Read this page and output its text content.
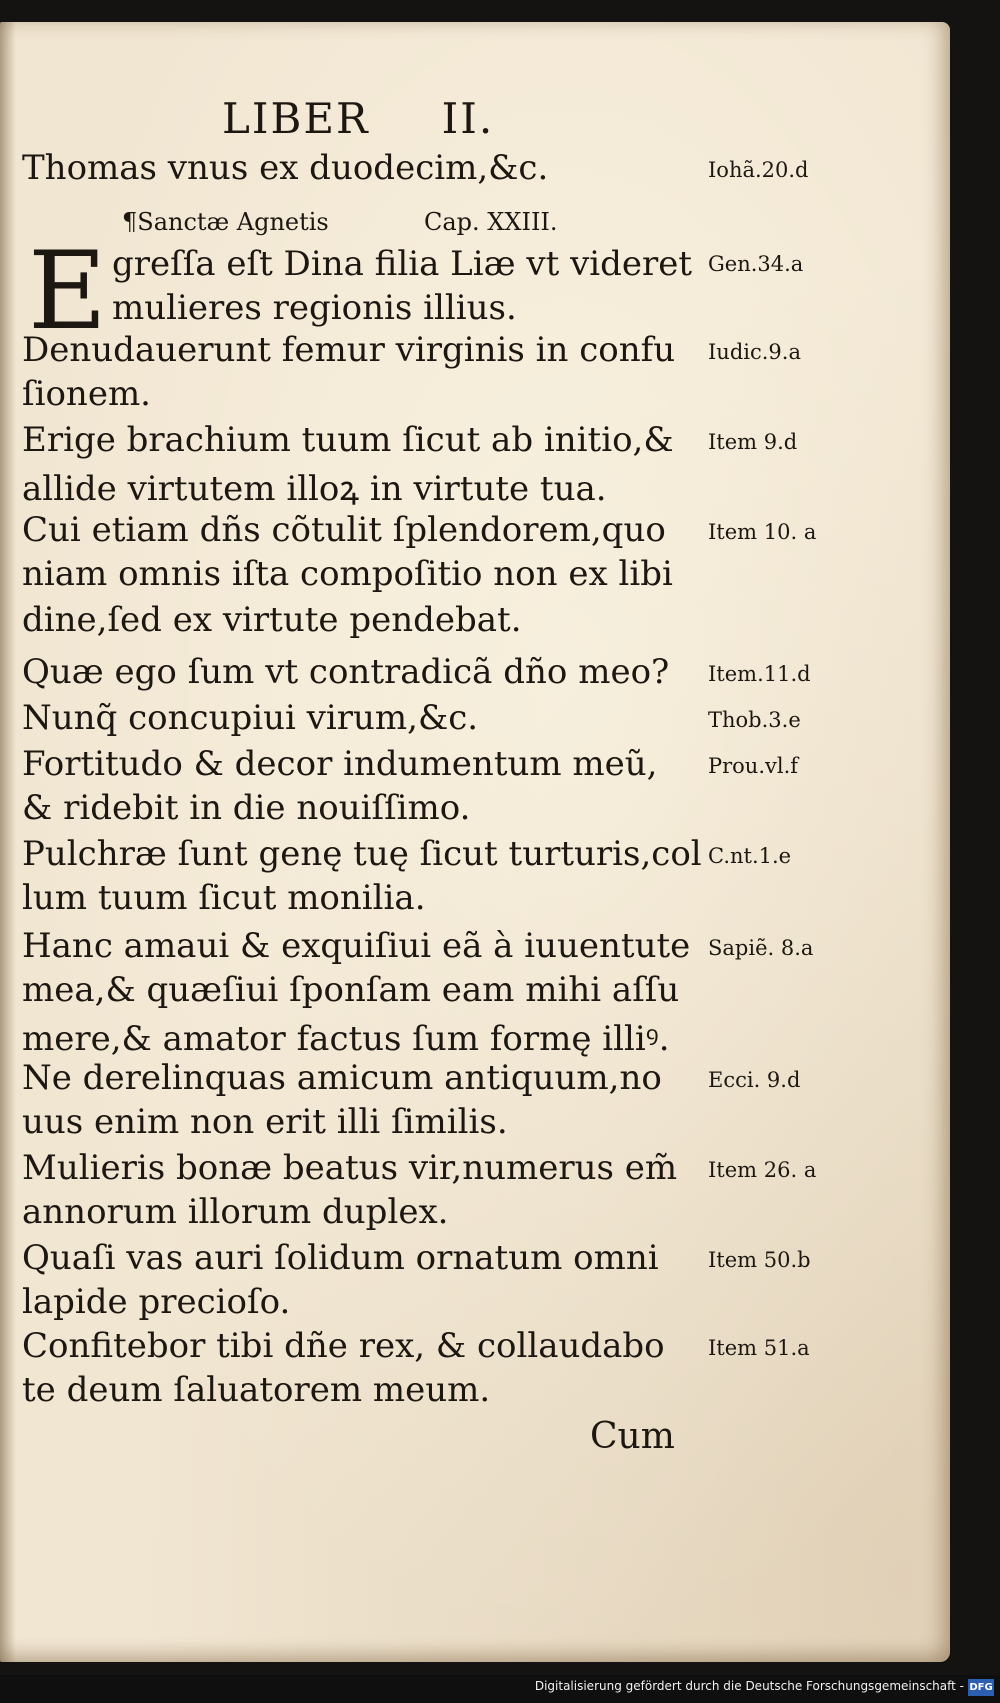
LIBER II.
Thomas vnus ex duodecim,&c.	Iohã.20.d
¶Sanctæ Agnetis	Cap. XXIII.
E greſſa eſt Dina filia Liæ vt videret Gen.34.a
mulieres regionis illius.
Denudauerunt femur virginis in confu Iudic.9.a
ſionem.
Erige brachium tuum ſicut ab initio,& Item 9.d
allide virtutem illoꝝ in virtute tua.
Cui etiam dñs cõtulit ſplendorem,quo Item 10. a
niam omnis iſta compoſitio non ex libi
dine,ſed ex virtute pendebat.
Quæ ego ſum vt contradicã dño meo? Item.11.d
Nunq̃ concupiui virum,&c.	Thob.3.e
Fortitudo & decor indumentum meũ, Prou.vl.f
& ridebit in die nouiſſimo.
Pulchræ ſunt genę tuę ſicut turturis,col C.nt.1.e
lum tuum ſicut monilia.
Hanc amaui & exquiſiui eã à iuuentute Sapiẽ. 8.a
mea,& quæſiui ſponſam eam mihi aſſu
mere,& amator factus ſum formę illiꝰ.
Ne derelinquas amicum antiquum,no Ecci. 9.d
uus enim non erit illi ſimilis.
Mulieris bonæ beatus vir,numerus em̃ Item 26. a
annorum illorum duplex.
Quaſi vas auri ſolidum ornatum omni Item 50.b
lapide precioſo.
Confitebor tibi dñe rex, & collaudabo Item 51.a
te deum ſaluatorem meum.
Cum
Digitalisierung gefördert durch die Deutsche Forschungsgemeinschaft - DFG
